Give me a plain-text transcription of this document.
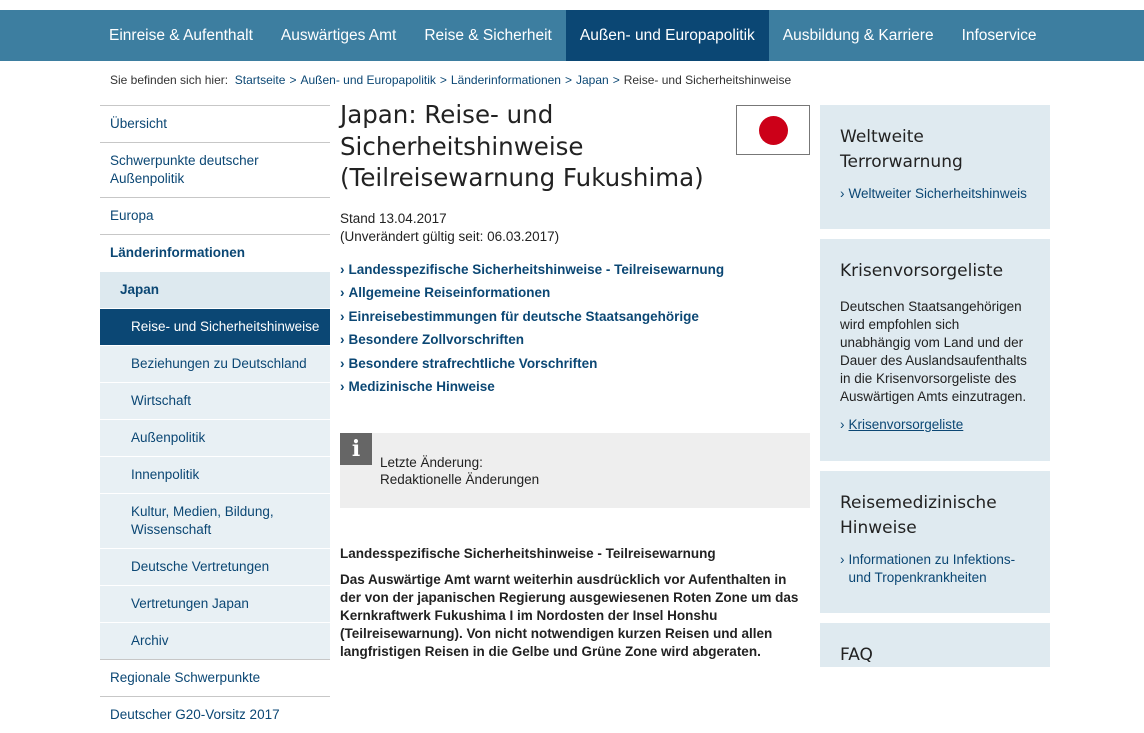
Einreise & Aufenthalt	Auswärtiges Amt	Reise & Sicherheit	Außen- und Europapolitik	Ausbildung & Karriere	Infoservice
Sie befinden sich hier: Startseite > Außen- und Europapolitik > Länderinformationen > Japan > Reise- und Sicherheitshinweise
Übersicht
Schwerpunkte deutscher Außenpolitik
Europa
Länderinformationen
Japan
Reise- und Sicherheitshinweise
Beziehungen zu Deutschland
Wirtschaft
Außenpolitik
Innenpolitik
Kultur, Medien, Bildung, Wissenschaft
Deutsche Vertretungen
Vertretungen Japan
Archiv
Regionale Schwerpunkte
Deutscher G20-Vorsitz 2017
Japan: Reise- und Sicherheitshinweise (Teilreisewarnung Fukushima)
Stand 13.04.2017
(Unverändert gültig seit: 06.03.2017)
› Landesspezifische Sicherheitshinweise - Teilreisewarnung
› Allgemeine Reiseinformationen
› Einreisebestimmungen für deutsche Staatsangehörige
› Besondere Zollvorschriften
› Besondere strafrechtliche Vorschriften
› Medizinische Hinweise
i
Letzte Änderung:
Redaktionelle Änderungen
Landesspezifische Sicherheitshinweise - Teilreisewarnung
Das Auswärtige Amt warnt weiterhin ausdrücklich vor Aufenthalten in der von der japanischen Regierung ausgewiesenen Roten Zone um das Kernkraftwerk Fukushima I im Nordosten der Insel Honshu (Teilreisewarnung). Von nicht notwendigen kurzen Reisen und allen langfristigen Reisen in die Gelbe und Grüne Zone wird abgeraten.
Weltweite Terrorwarnung
› Weltweiter Sicherheitshinweis
Krisenvorsorgeliste
Deutschen Staatsangehörigen wird empfohlen sich unabhängig vom Land und der Dauer des Auslandsaufenthalts in die Krisenvorsorgeliste des Auswärtigen Amts einzutragen.
› Krisenvorsorgeliste
Reisemedizinische Hinweise
› Informationen zu Infektions- und Tropenkrankheiten
FAQ
